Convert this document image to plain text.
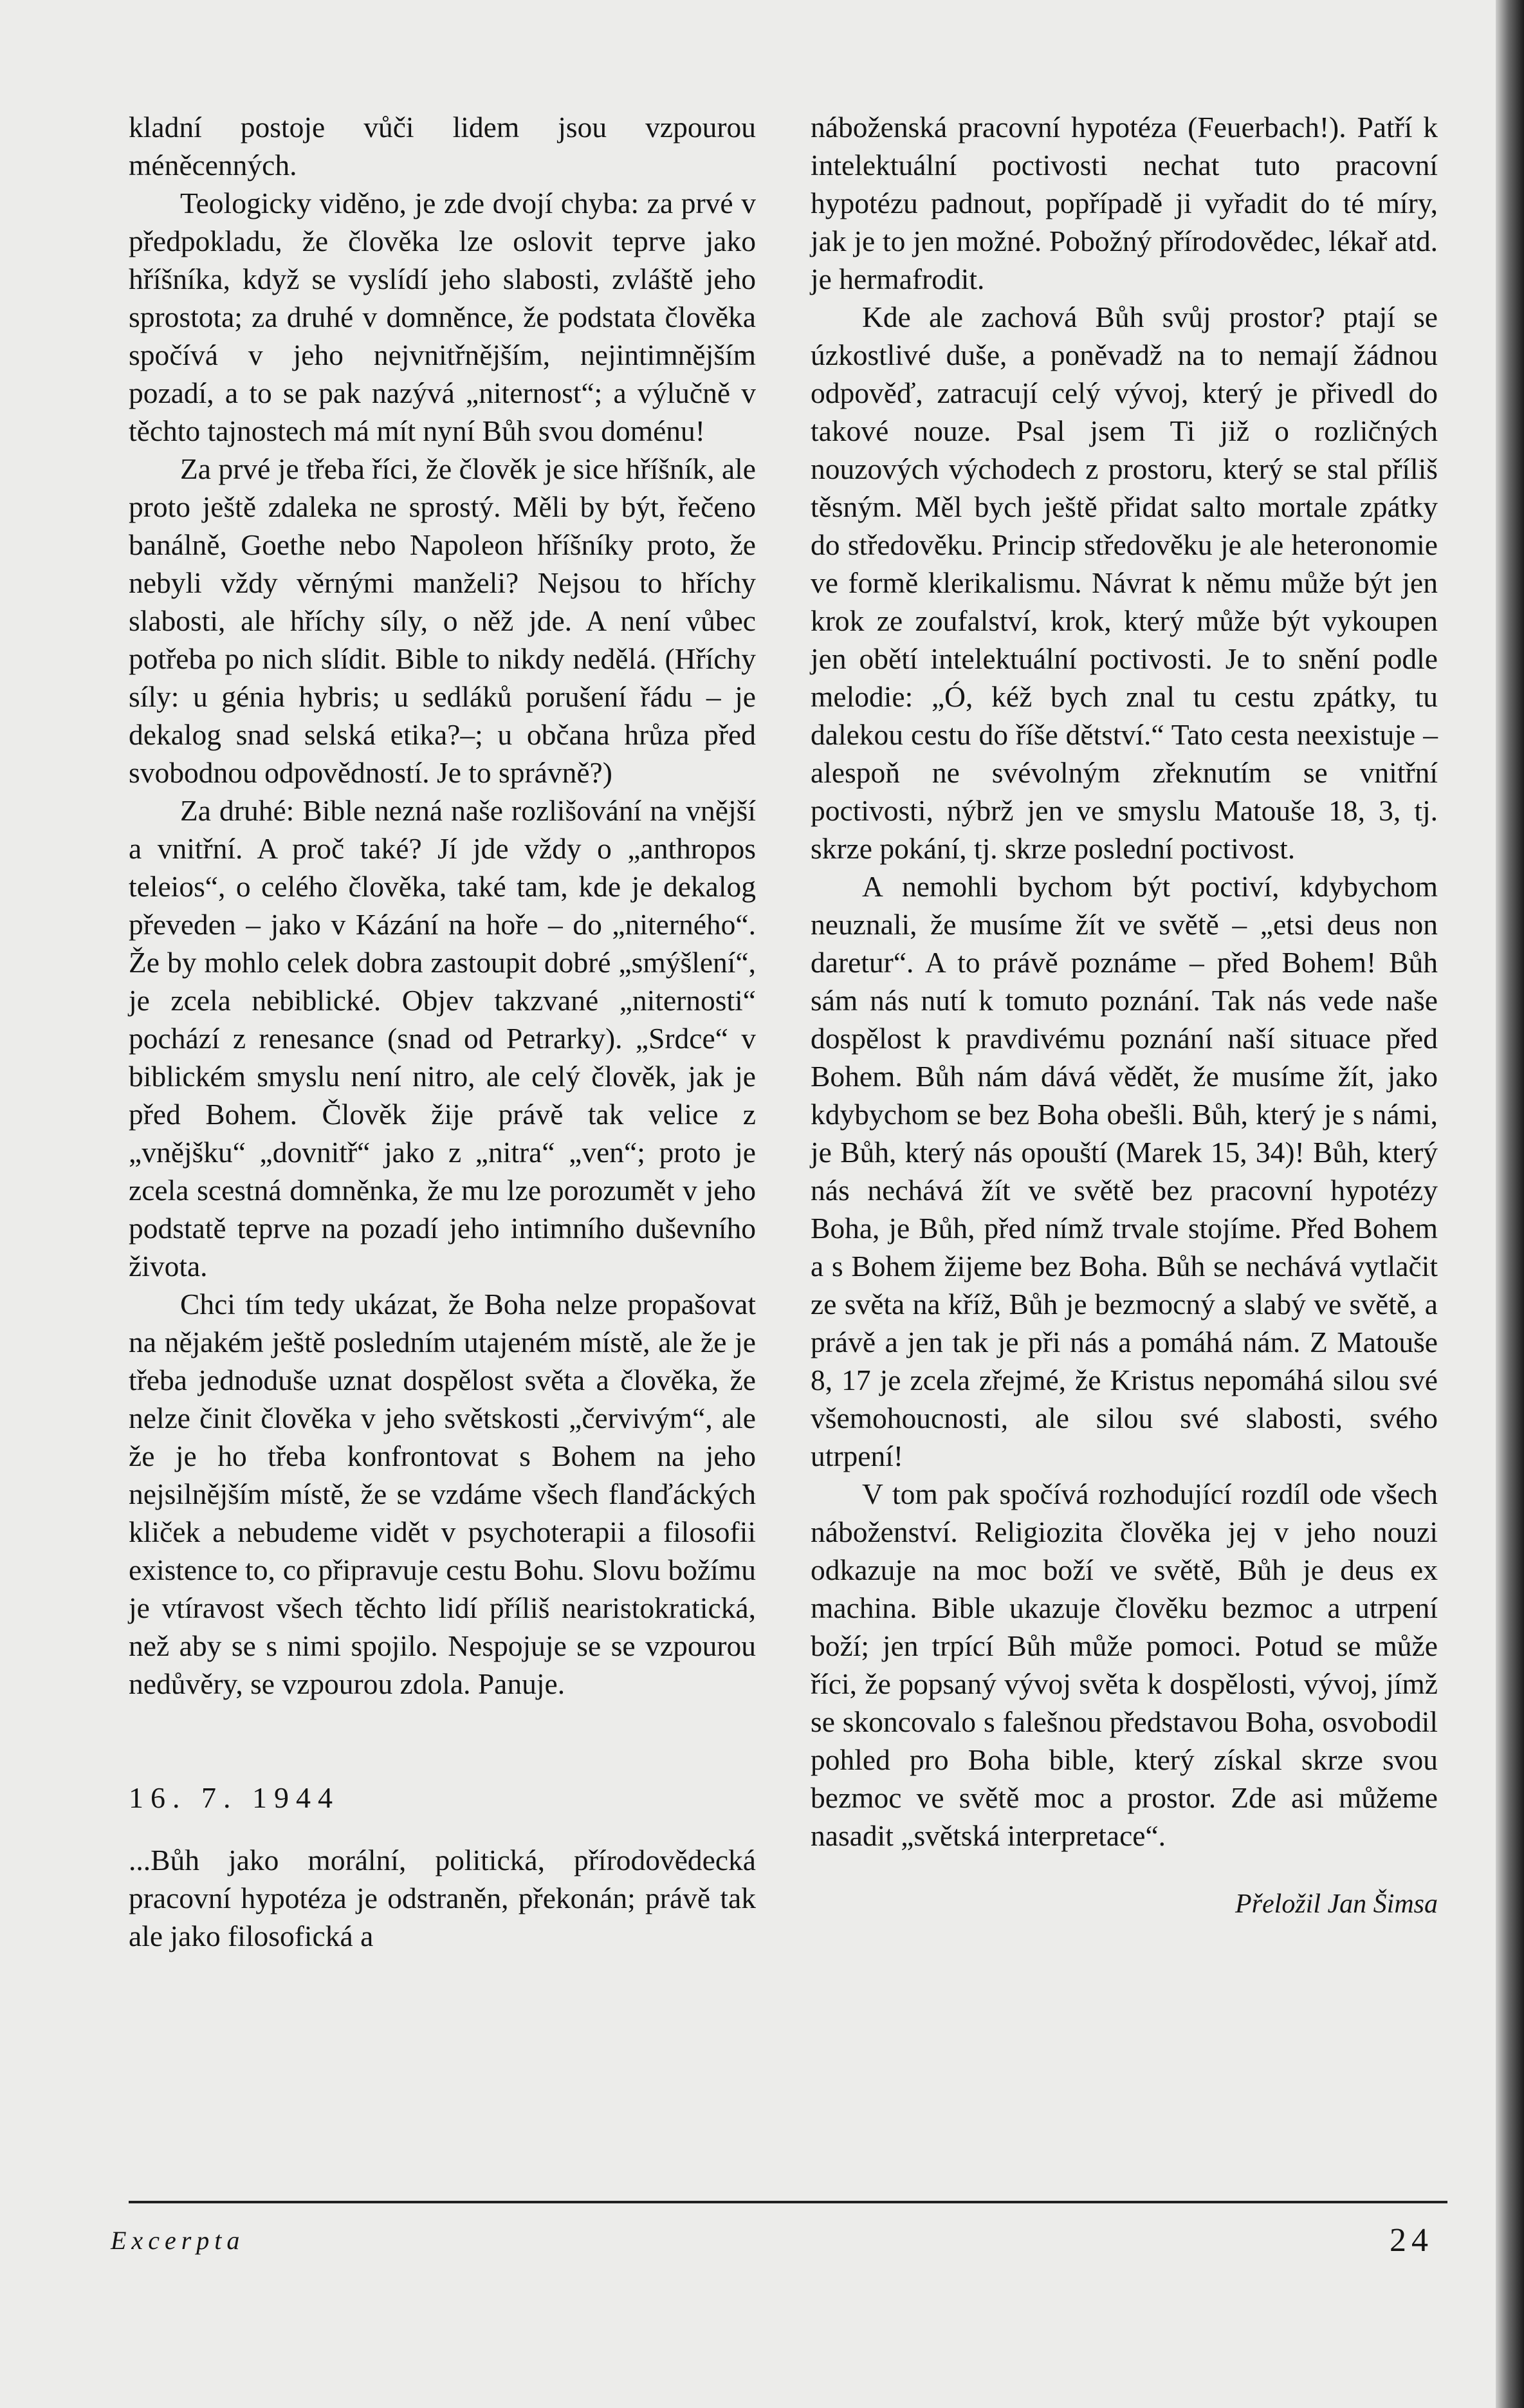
kladní postoje vůči lidem jsou vzpourou méněcenných.

Teologicky viděno, je zde dvojí chyba: za prvé v předpokladu, že člověka lze oslovit teprve jako hříšníka, když se vyslídí jeho slabosti, zvláště jeho sprostota; za druhé v domněnce, že podstata člověka spočívá v jeho nejvnitřnějším, nejintimnějším pozadí, a to se pak nazývá „niternost“; a výlučně v těchto tajnostech má mít nyní Bůh svou doménu!

Za prvé je třeba říci, že člověk je sice hříšník, ale proto ještě zdaleka ne sprostý. Měli by být, řečeno banálně, Goethe nebo Napoleon hříšníky proto, že nebyli vždy věrnými manželi? Nejsou to hříchy slabosti, ale hříchy síly, o něž jde. A není vůbec potřeba po nich slídit. Bible to nikdy nedělá. (Hříchy síly: u génia hybris; u sedláků porušení řádu – je dekalog snad selská etika?–; u občana hrůza před svobodnou odpovědností. Je to správně?)

Za druhé: Bible nezná naše rozlišování na vnější a vnitřní. A proč také? Jí jde vždy o „anthropos teleios“, o celého člověka, také tam, kde je dekalog převeden – jako v Kázání na hoře – do „niterného“. Že by mohlo celek dobra zastoupit dobré „smýšlení“, je zcela nebiblické. Objev takzvané „niternosti“ pochází z renesance (snad od Petrarky). „Srdce“ v biblickém smyslu není nitro, ale celý člověk, jak je před Bohem. Člověk žije právě tak velice z „vnějšku“ „dovnitř“ jako z „nitra“ „ven“; proto je zcela scestná domněnka, že mu lze porozumět v jeho podstatě teprve na pozadí jeho intimního duševního života.

Chci tím tedy ukázat, že Boha nelze propašovat na nějakém ještě posledním utajeném místě, ale že je třeba jednoduše uznat dospělost světa a člověka, že nelze činit člověka v jeho světskosti „červivým“, ale že je ho třeba konfrontovat s Bohem na jeho nejsilnějším místě, že se vzdáme všech flanďáckých kliček a nebudeme vidět v psychoterapii a filosofii existence to, co připravuje cestu Bohu. Slovu božímu je vtíravost všech těchto lidí příliš nearistokratická, než aby se s nimi spojilo. Nespojuje se se vzpourou nedůvěry, se vzpourou zdola. Panuje.

16. 7. 1944

...Bůh jako morální, politická, přírodovědecká pracovní hypotéza je odstraněn, překonán; právě tak ale jako filosofická a

náboženská pracovní hypotéza (Feuerbach!). Patří k intelektuální poctivosti nechat tuto pracovní hypotézu padnout, popřípadě ji vyřadit do té míry, jak je to jen možné. Pobožný přírodovědec, lékař atd. je hermafrodit.

Kde ale zachová Bůh svůj prostor? ptají se úzkostlivé duše, a poněvadž na to nemají žádnou odpověď, zatracují celý vývoj, který je přivedl do takové nouze. Psal jsem Ti již o rozličných nouzových východech z prostoru, který se stal příliš těsným. Měl bych ještě přidat salto mortale zpátky do středověku. Princip středověku je ale heteronomie ve formě klerikalismu. Návrat k němu může být jen krok ze zoufalství, krok, který může být vykoupen jen obětí intelektuální poctivosti. Je to snění podle melodie: „Ó, kéž bych znal tu cestu zpátky, tu dalekou cestu do říše dětství.“ Tato cesta neexistuje – alespoň ne svévolným zřeknutím se vnitřní poctivosti, nýbrž jen ve smyslu Matouše 18, 3, tj. skrze pokání, tj. skrze poslední poctivost.

A nemohli bychom být poctiví, kdybychom neuznali, že musíme žít ve světě – „etsi deus non daretur“. A to právě poznáme – před Bohem! Bůh sám nás nutí k tomuto poznání. Tak nás vede naše dospělost k pravdivému poznání naší situace před Bohem. Bůh nám dává vědět, že musíme žít, jako kdybychom se bez Boha obešli. Bůh, který je s námi, je Bůh, který nás opouští (Marek 15, 34)! Bůh, který nás nechává žít ve světě bez pracovní hypotézy Boha, je Bůh, před nímž trvale stojíme. Před Bohem a s Bohem žijeme bez Boha. Bůh se nechává vytlačit ze světa na kříž, Bůh je bezmocný a slabý ve světě, a právě a jen tak je při nás a pomáhá nám. Z Matouše 8, 17 je zcela zřejmé, že Kristus nepomáhá silou své všemohoucnosti, ale silou své slabosti, svého utrpení!

V tom pak spočívá rozhodující rozdíl ode všech náboženství. Religiozita člověka jej v jeho nouzi odkazuje na moc boží ve světě, Bůh je deus ex machina. Bible ukazuje člověku bezmoc a utrpení boží; jen trpící Bůh může pomoci. Potud se může říci, že popsaný vývoj světa k dospělosti, vývoj, jímž se skoncovalo s falešnou představou Boha, osvobodil pohled pro Boha bible, který získal skrze svou bezmoc ve světě moc a prostor. Zde asi můžeme nasadit „světská interpretace“.

Přeložil Jan Šimsa
Excerpta	24
